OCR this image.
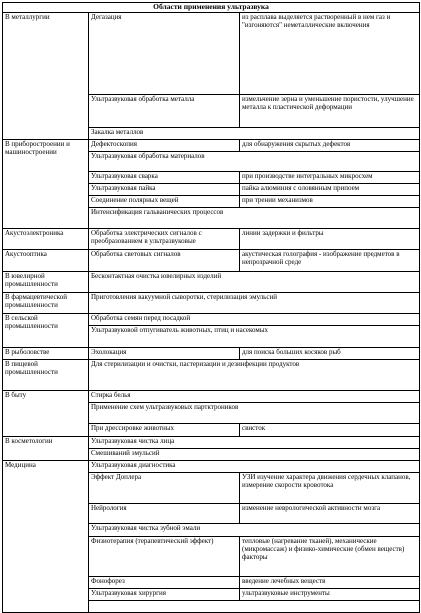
Области применения ультразвука		
В металлургии	Дегазация	из расплава выделяется растворенный в нем газ и "изгоняются" неметаллические включения
	Ультразвуковая обработка металла	измельчение зерна и уменьшение пористости, улучшение металла к пластической деформации
	Закалка металлов	
В приборостроении и машиностроении	Дефектоскопия	для обнаружения скрытых дефектов
	Ультразвуковая обработка материалов	
	Ультразвуковая сварка	при производстве интегральных микросхем
	Ультразвуковая пайка	пайка алюминия с оловянным припоем
	Соединение полярных вещей	при трении механизмов
	Интенсификация гальванических процессов	
Акустоэлектроника	Обработка электрических сигналов с преобразованием в ультразвуковые	линии задержки и фильтры
Акустооптика	Обработка световых сигналов	акустическая голография - изображение предметов в непрозрачной среде
В ювелирной промышленности	Бесконтактная очистка ювелирных изделий	
В фармацевтической промышленности	Приготовления вакуумной сыворотки, стерилизация эмульсий	
В сельской промышленности	Обработка семян перед посадкой	
	Ультразвуковой отпугиватель животных, птиц и насекомых	
В рыболовстве	Эхолокация	для поиска больших косяков рыб
В пищевой промышленности	Для стерилизации и очистки, пастеризации и дезинфекции продуктов	
В быту	Стирка белья	
	Применение схем ультразвуковых партктроников	
	При дрессировке животных	свисток
В косметологии	Ультразвуковая чистка лица	
	Смешиваний эмульсий	
Медицина	Ультразвуковая диагностика	
	Эффект Доплера	УЗИ изучение характера движения сердечных клапанов, измерение скорости кровотока
	Нейрология	изменение неврологической активности мозга
	Ультразвуковая чистка зубной эмали	
	Физиотерапия (терапевтический эффект)	тепловые (нагревание тканей), механические (микромассаж) и физико-химические (обмен веществ) факторы
	Фонофорез	введение лечебных веществ
	Ультразвуковая хирургия	ультразвуковые инструменты
